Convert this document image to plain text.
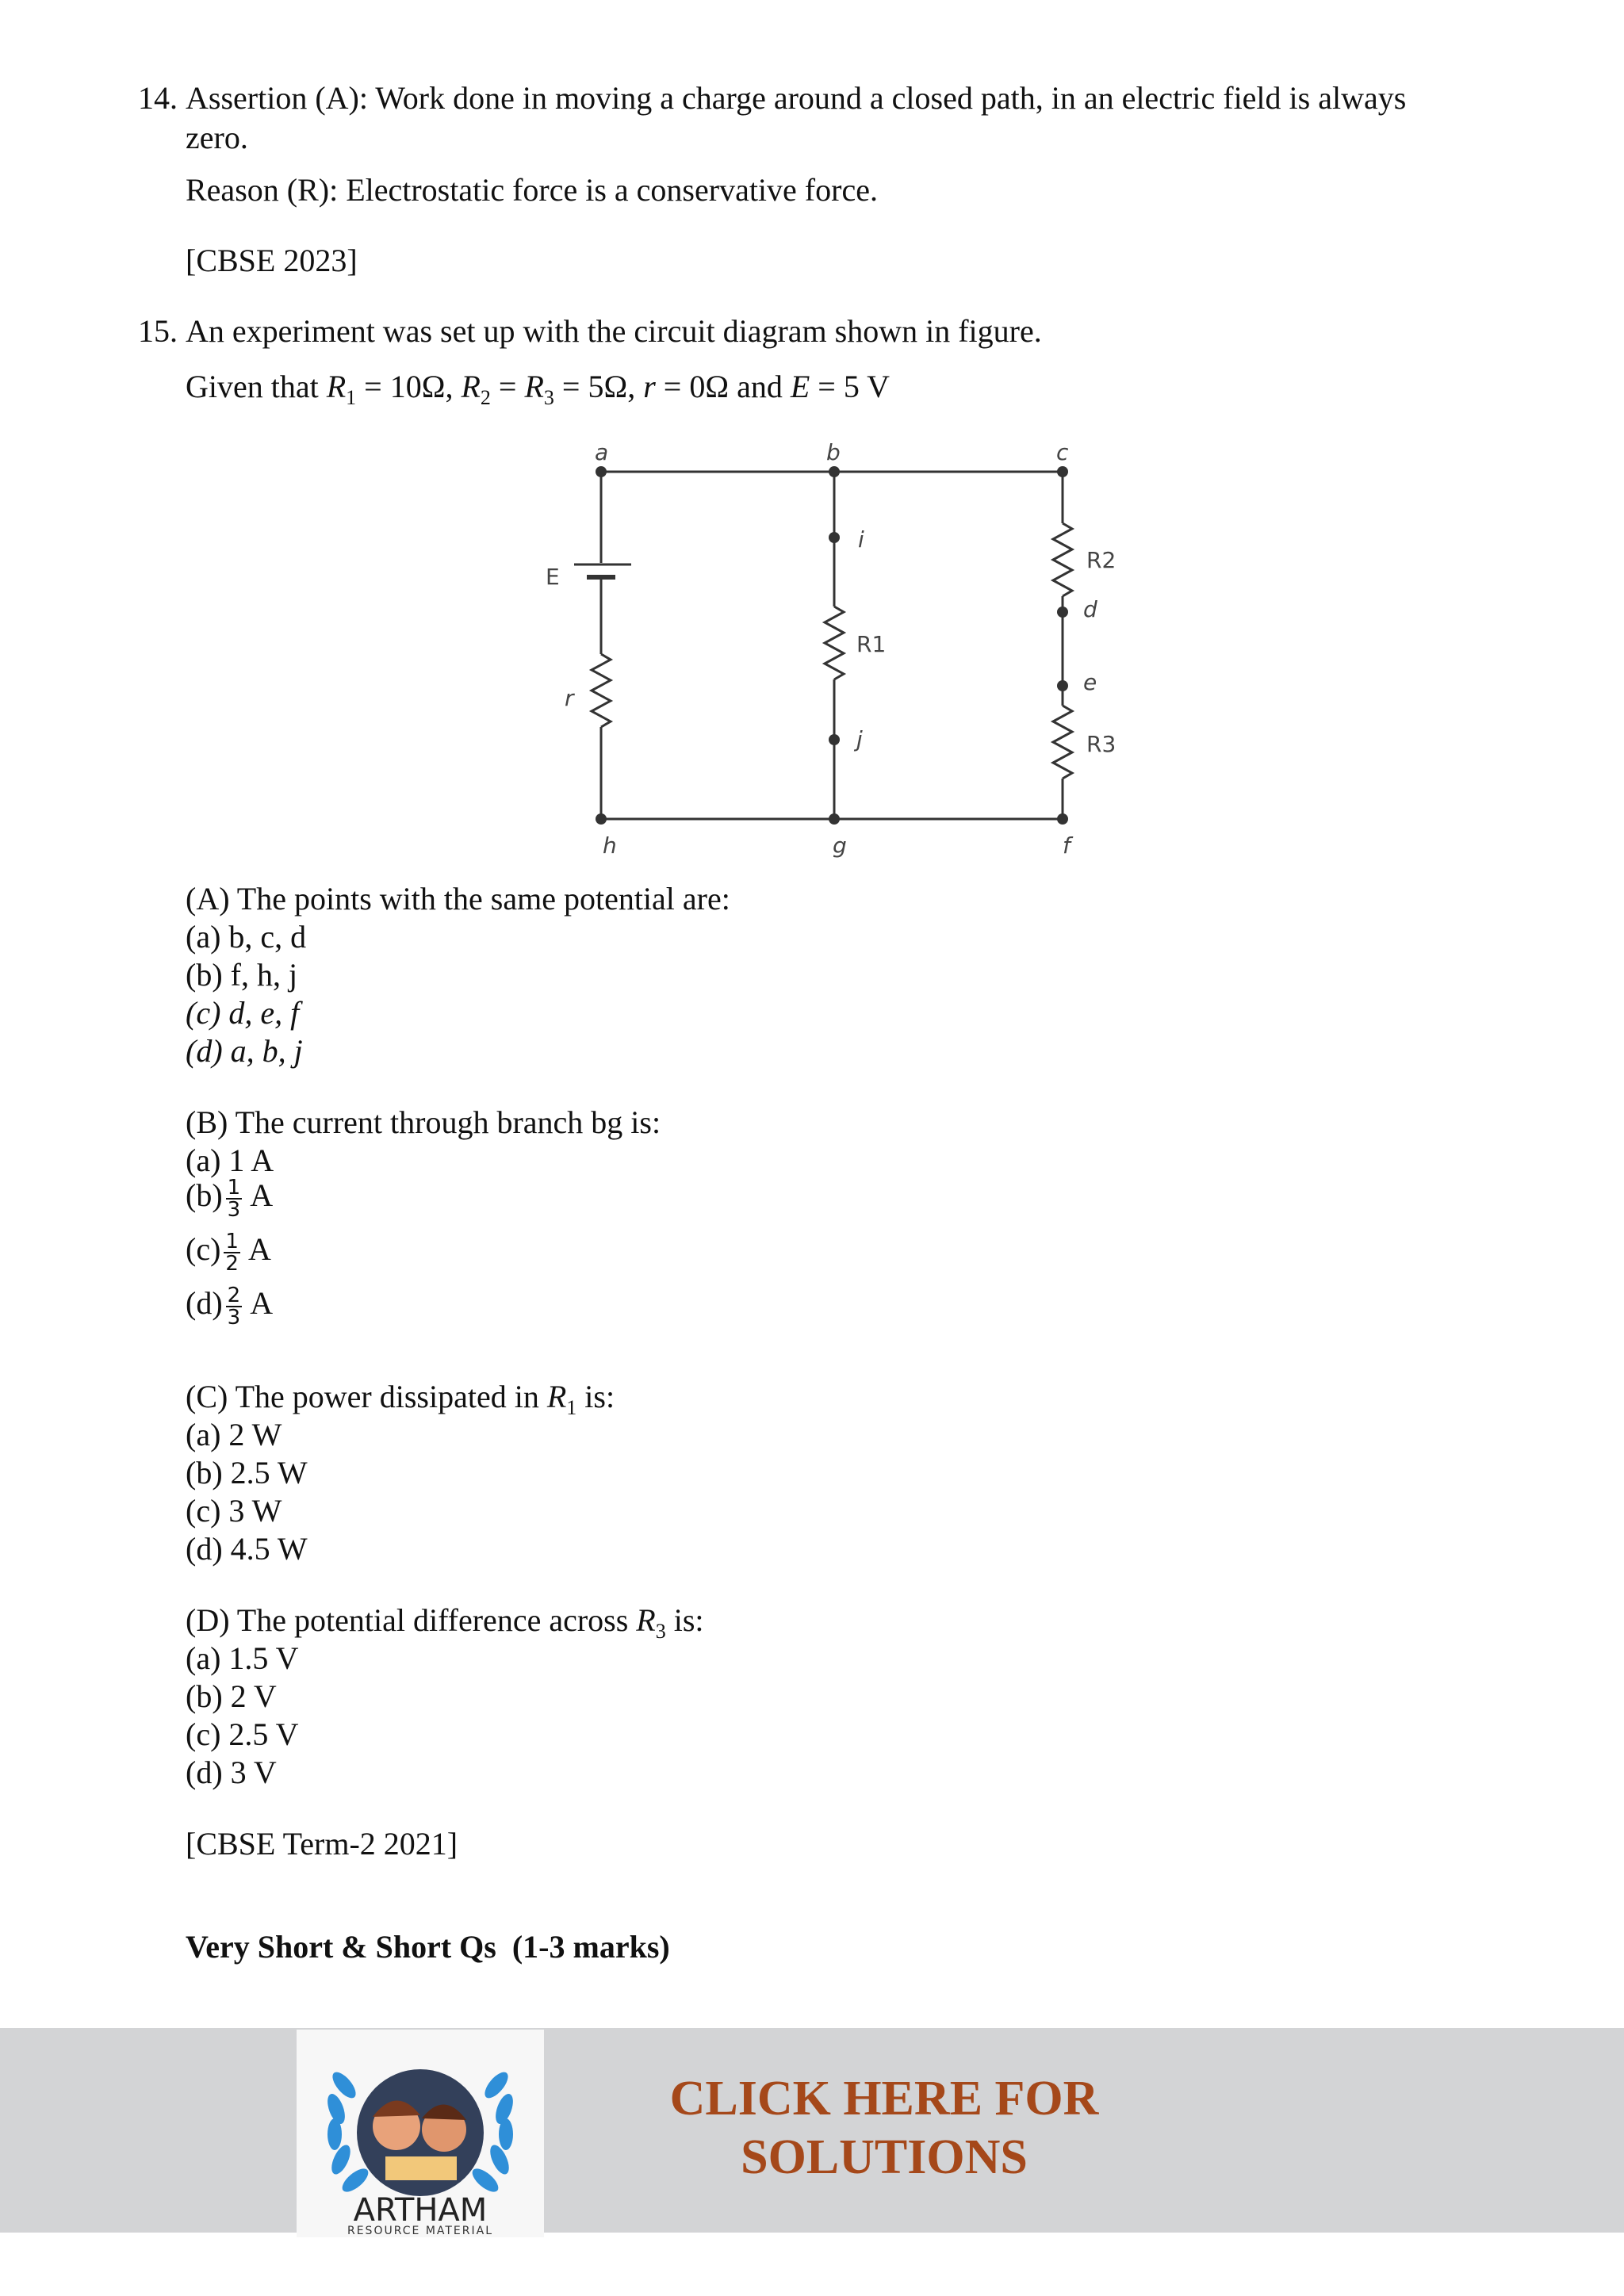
14. Assertion (A): Work done in moving a charge around a closed path, in an electric field is always
zero.
Reason (R): Electrostatic force is a conservative force.
[CBSE 2023]
15. An experiment was set up with the circuit diagram shown in figure.
Given that $R_1 = 10\Omega$, $R_2 = R_3 = 5\Omega$, r = 0Ω and E = 5 V
a	b	c
E
r
i
R1
j
R2
d
e
R3
h	g	f
(A) The points with the same potential are:
(a) b, c, d
(b) f, h, j
(c) d, e, f
(d) a, b, j
(B) The current through branch bg is:
(a) 1 A
$(b) \frac{1}{3}$ A
$(c) \frac{1}{2}$ A
$(d) \frac{2}{3}$ A
(C) The power dissipated in $R_1$ is:
(a) 2 W
(b) 2.5 W
(c) 3 W
(d) 4.5 W
(D) The potential difference across $R_3$ is:
(a) 1.5 V
(b) 2 V
(c) 2.5 V
(d) 3 V
[CBSE Term-2 2021]
Very Short & Short Qs (1-3 marks)
ARTHAM
RESOURCE MATERIAL
CLICK HERE FOR
SOLUTIONS
